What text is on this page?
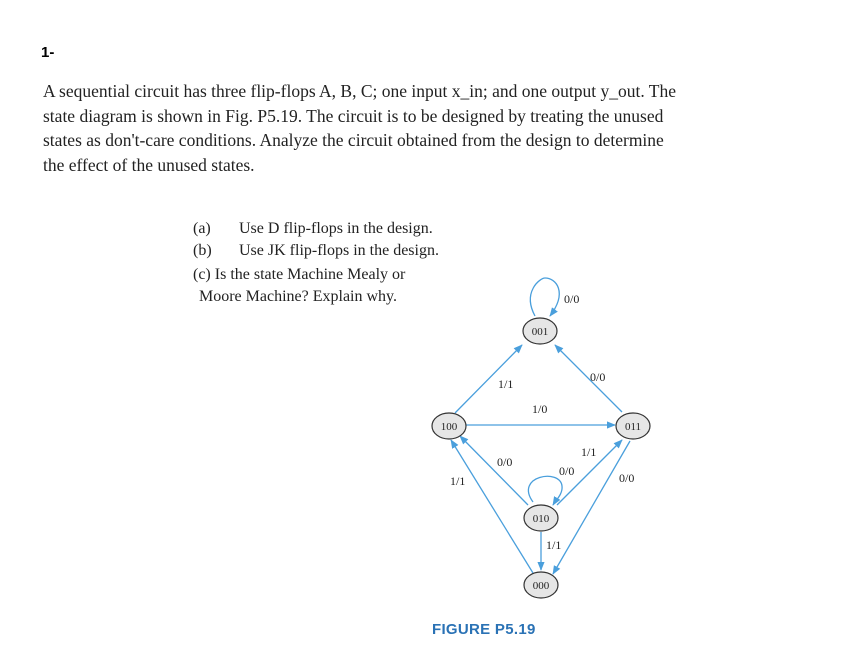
1-
A sequential circuit has three flip-flops A, B, C; one input x_in; and one output y_out. The
state diagram is shown in Fig. P5.19. The circuit is to be designed by treating the unused
states as don't-care conditions. Analyze the circuit obtained from the design to determine
the effect of the unused states.
(a) Use D flip-flops in the design.
(b) Use JK flip-flops in the design.
(c) Is the state Machine Mealy or
Moore Machine? Explain why.
001
100	011
010
000
0/0
1/1	0/0
1/0
0/0
1/1
0/0
1/1	0/0
1/1
FIGURE P5.19
